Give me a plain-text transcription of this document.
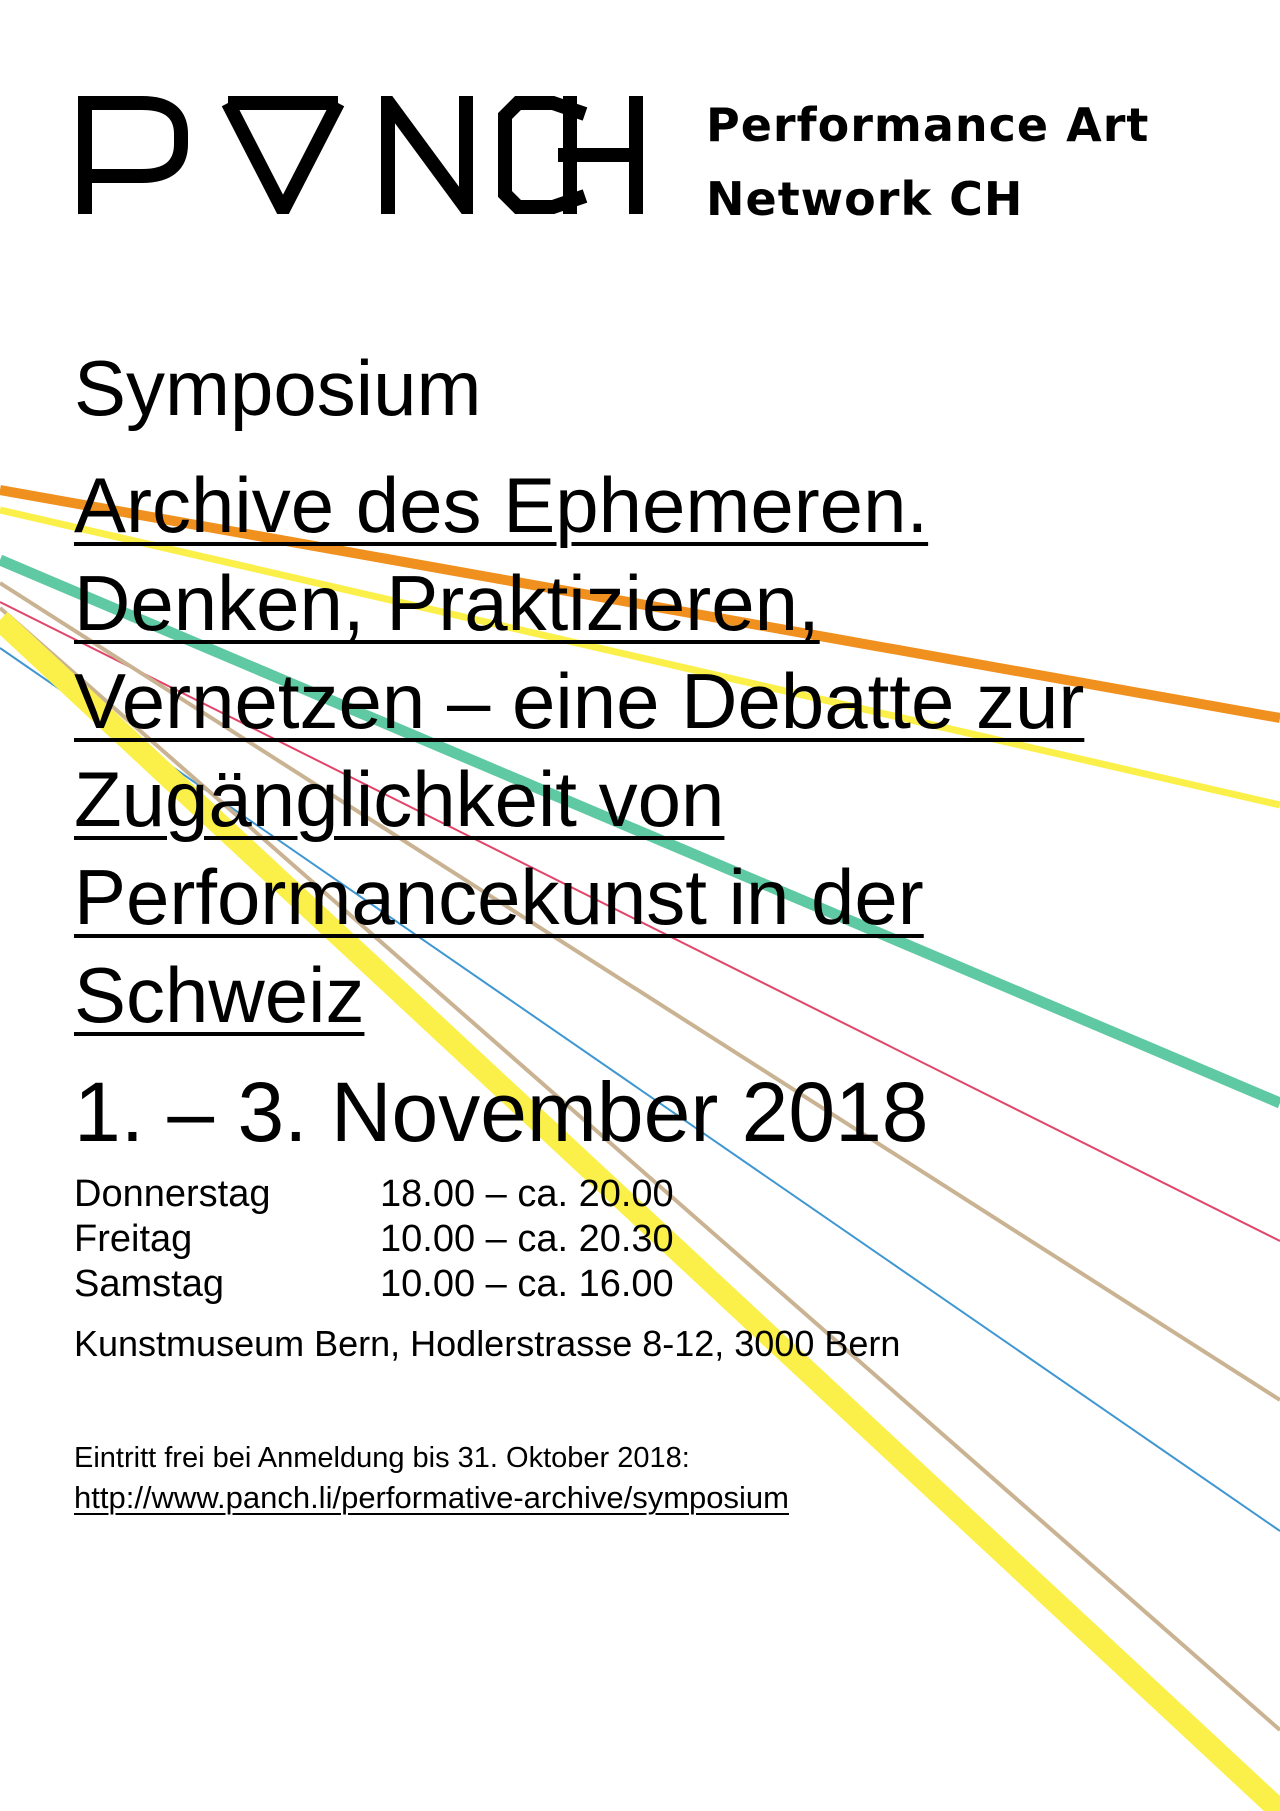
Performance Art
Network CH
Symposium
Archive des Ephemeren.
Denken, Praktizieren,
Vernetzen – eine Debatte zur
Zugänglichkeit von
Performancekunst in der
Schweiz
1. – 3. November 2018
Donnerstag	18.00 – ca. 20.00
Freitag	10.00 – ca. 20.30
Samstag	10.00 – ca. 16.00
Kunstmuseum Bern, Hodlerstrasse 8-12, 3000 Bern
Eintritt frei bei Anmeldung bis 31. Oktober 2018:
http://www.panch.li/performative-archive/symposium
